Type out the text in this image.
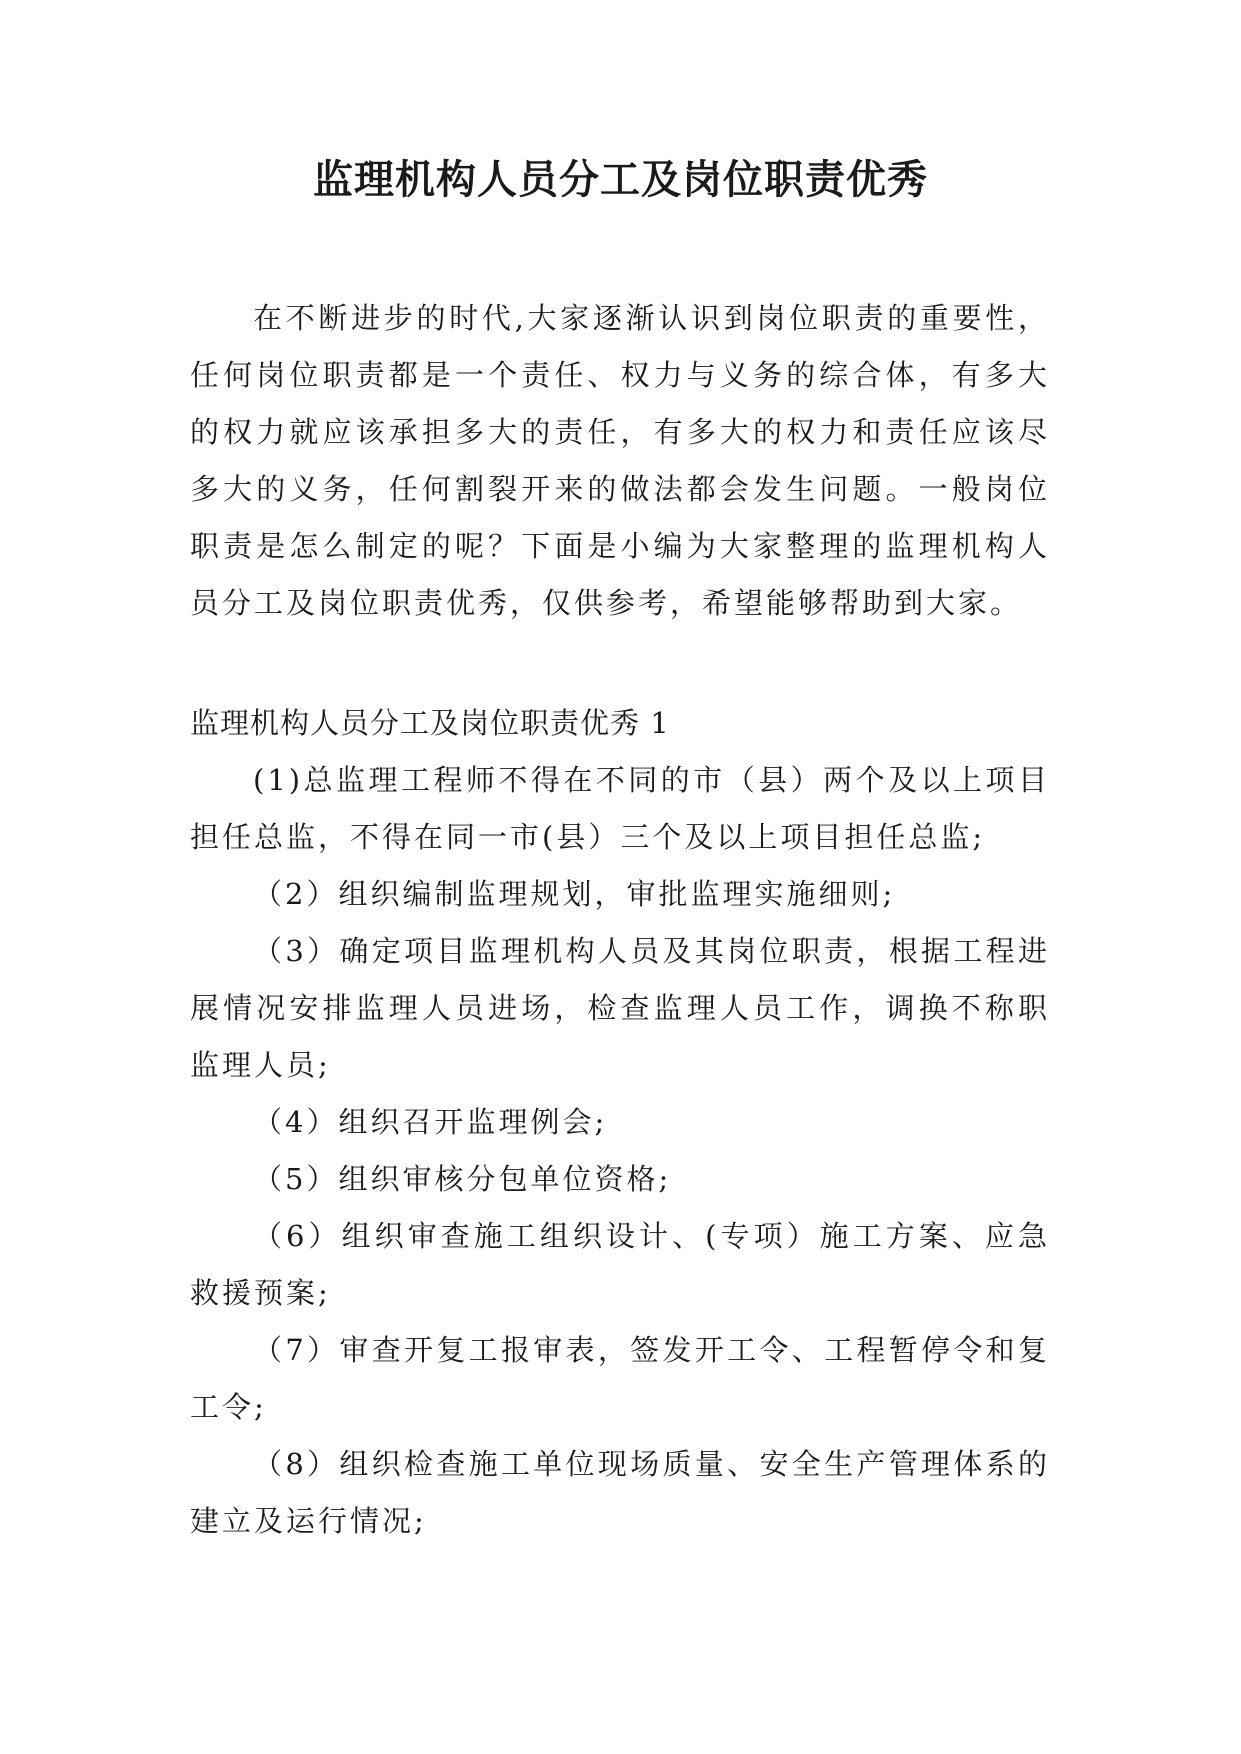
监理机构人员分工及岗位职责优秀

在不断进步的时代,大家逐渐认识到岗位职责的重要性，任何岗位职责都是一个责任、权力与义务的综合体，有多大的权力就应该承担多大的责任，有多大的权力和责任应该尽多大的义务，任何割裂开来的做法都会发生问题。一般岗位职责是怎么制定的呢？下面是小编为大家整理的监理机构人员分工及岗位职责优秀，仅供参考，希望能够帮助到大家。

监理机构人员分工及岗位职责优秀 1

(1)总监理工程师不得在不同的市（县）两个及以上项目担任总监，不得在同一市(县）三个及以上项目担任总监;
（2）组织编制监理规划，审批监理实施细则;
（3）确定项目监理机构人员及其岗位职责，根据工程进展情况安排监理人员进场，检查监理人员工作，调换不称职监理人员;
（4）组织召开监理例会;
（5）组织审核分包单位资格;
（6）组织审查施工组织设计、(专项）施工方案、应急救援预案;
（7）审查开复工报审表，签发开工令、工程暂停令和复工令;
（8）组织检查施工单位现场质量、安全生产管理体系的建立及运行情况;
